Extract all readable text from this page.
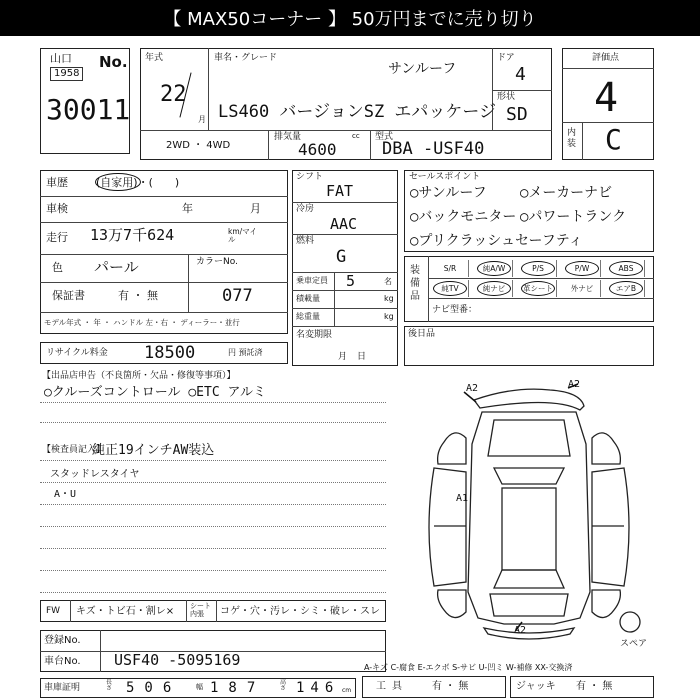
【 MAX50コーナー 】 50万円までに売り切り
山口 No.
1958
30011
年式
22
月
車名・グレード
サンルーフ
LS460 バージョンSZ エパッケージ
ドア
4
形状
SD
2WD ・ 4WD
排気量	cc
4600
型式
DBA -USF40
評価点
4
内装 C
車歴	(自家用)・(　　)
車検	年	月
走行 13万7千624	km/マイル
色 パール	カラーNo.
077
保証書	有 ・ 無
モデル年式 ・ 年 ・ ハンドル 左・右 ・ ディーラー・並行
リサイクル料金 18500	円 預託済
シフト
FAT
冷房
AAC
燃料
G
乗車定員 5	名
積載量	kg
総重量	kg
名変期限
月日
セールスポイント
○サンルーフ ○メーカーナビ
○バックモニター ○パワートランク
○プリクラッシュセーフティ
装備品
S/R	純A/W	P/S	P/W	ABS
純TV	純ナビ	革シート	外ナビ	エアB
ナビ型番：
後日品
【出品店申告（不良箇所・欠品・修復等事項）】
○クルーズコントロール ○ETC アルミ
【検査員記入】
純正19インチAW装込
スタッドレスタイヤ
A・U
FW キズ・トビ石・割レ× シート内張	コゲ・穴・汚レ・シミ・破レ・スレ
登録No.
車台No. USF40 -5095169
車庫証明
長さ 506 幅 187 高さ 146 cm
A-キズ C-腐食 E-エクボ S-サビ U-凹ミ W-補修 XX-交換済
工具 有 ・ 無	ジャッキ 有 ・ 無
A2	A2
A1
A2
スペア
